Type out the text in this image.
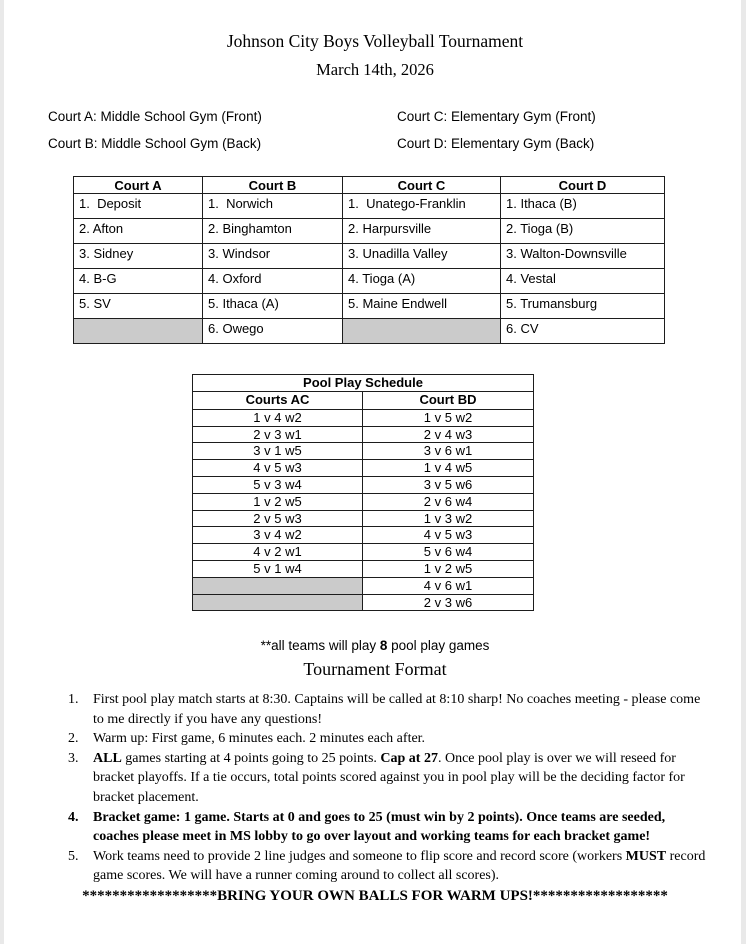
Johnson City Boys Volleyball Tournament
March 14th, 2026
Court A: Middle School Gym (Front)
Court B: Middle School Gym (Back)
Court C: Elementary Gym (Front)
Court D: Elementary Gym (Back)
Court A	Court B	Court C	Court D
1.  Deposit	1.  Norwich	1.  Unatego-Franklin	1. Ithaca (B)
2. Afton	2. Binghamton	2. Harpursville	2. Tioga (B)
3. Sidney	3. Windsor	3. Unadilla Valley	3. Walton-Downsville
4. B-G	4. Oxford	4. Tioga (A)	4. Vestal
5. SV	5. Ithaca (A)	5. Maine Endwell	5. Trumansburg
	6. Owego		6. CV
Pool Play Schedule	
Courts AC	Court BD
1 v 4 w2	1 v 5 w2
2 v 3 w1	2 v 4 w3
3 v 1 w5	3 v 6 w1
4 v 5 w3	1 v 4 w5
5 v 3 w4	3 v 5 w6
1 v 2 w5	2 v 6 w4
2 v 5 w3	1 v 3 w2
3 v 4 w2	4 v 5 w3
4 v 2 w1	5 v 6 w4
5 v 1 w4	1 v 2 w5
	4 v 6 w1
	2 v 3 w6
**all teams will play 8 pool play games
Tournament Format
1. First pool play match starts at 8:30. Captains will be called at 8:10 sharp! No coaches meeting - please come to me directly if you have any questions!
2. Warm up: First game, 6 minutes each. 2 minutes each after.
3. ALL games starting at 4 points going to 25 points. Cap at 27. Once pool play is over we will reseed for bracket playoffs. If a tie occurs, total points scored against you in pool play will be the deciding factor for bracket placement.
4. Bracket game: 1 game. Starts at 0 and goes to 25 (must win by 2 points). Once teams are seeded, coaches please meet in MS lobby to go over layout and working teams for each bracket game!
5. Work teams need to provide 2 line judges and someone to flip score and record score (workers MUST record game scores. We will have a runner coming around to collect all scores).
******************BRING YOUR OWN BALLS FOR WARM UPS!******************
